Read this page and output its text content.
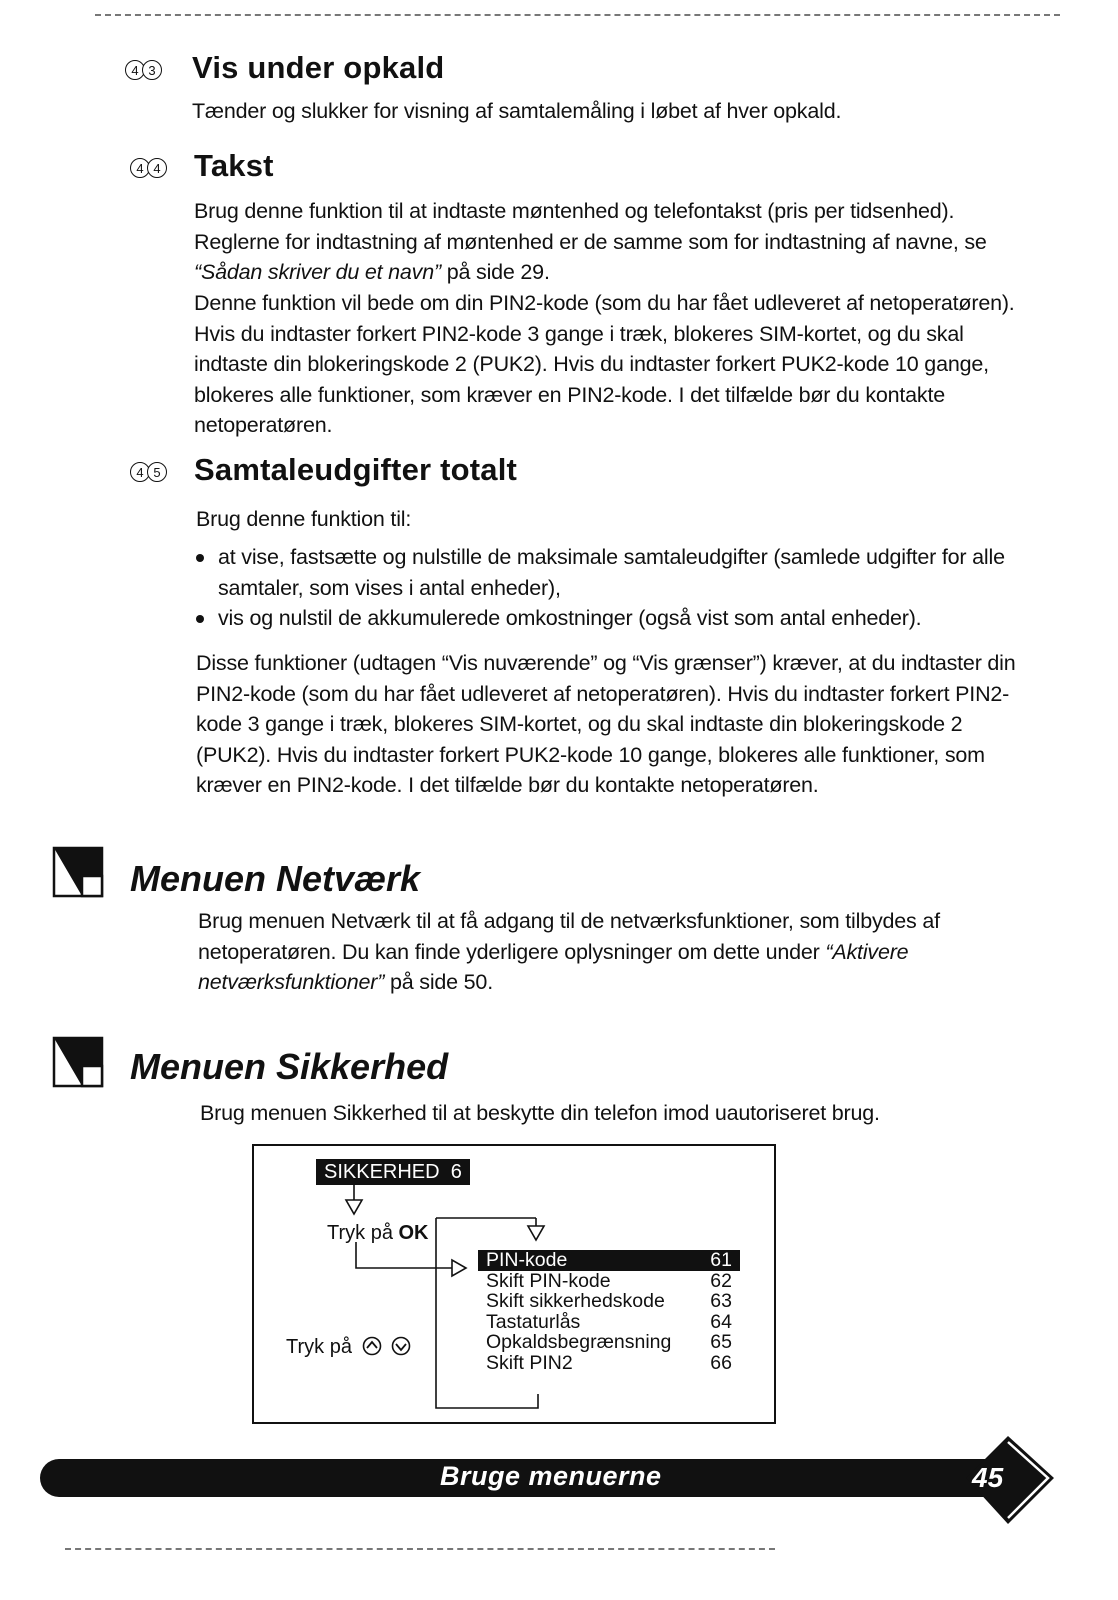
4 3 Vis under opkald

Tænder og slukker for visning af samtalemåling i løbet af hver opkald.

4 4 Takst

Brug denne funktion til at indtaste møntenhed og telefontakst (pris per tidsenhed). Reglerne for indtastning af møntenhed er de samme som for indtastning af navne, se “Sådan skriver du et navn” på side 29.

Denne funktion vil bede om din PIN2-kode (som du har fået udleveret af netoperatøren). Hvis du indtaster forkert PIN2-kode 3 gange i træk, blokeres SIM-kortet, og du skal indtaste din blokeringskode 2 (PUK2). Hvis du indtaster forkert PUK2-kode 10 gange, blokeres alle funktioner, som kræver en PIN2-kode. I det tilfælde bør du kontakte netoperatøren.

4 5 Samtaleudgifter totalt

Brug denne funktion til:

at vise, fastsætte og nulstille de maksimale samtaleudgifter (samlede udgifter for alle samtaler, som vises i antal enheder),
vis og nulstil de akkumulerede omkostninger (også vist som antal enheder).

Disse funktioner (udtagen “Vis nuværende” og “Vis grænser”) kræver, at du indtaster din PIN2-kode (som du har fået udleveret af netoperatøren). Hvis du indtaster forkert PIN2-kode 3 gange i træk, blokeres SIM-kortet, og du skal indtaste din blokeringskode 2 (PUK2). Hvis du indtaster forkert PUK2-kode 10 gange, blokeres alle funktioner, som kræver en PIN2-kode. I det tilfælde bør du kontakte netoperatøren.

Menuen Netværk

Brug menuen Netværk til at få adgang til de netværksfunktioner, som tilbydes af netoperatøren. Du kan finde yderligere oplysninger om dette under “Aktivere netværksfunktioner” på side 50.

Menuen Sikkerhed

Brug menuen Sikkerhed til at beskytte din telefon imod uautoriseret brug.

SIKKERHED 6
Tryk på OK
Tryk på
PIN-kode	61
Skift PIN-kode	62
Skift sikkerhedskode 63
Tastaturlås	64
Opkaldsbegrænsning 65
Skift PIN2	66
Bruge menuerne	45
